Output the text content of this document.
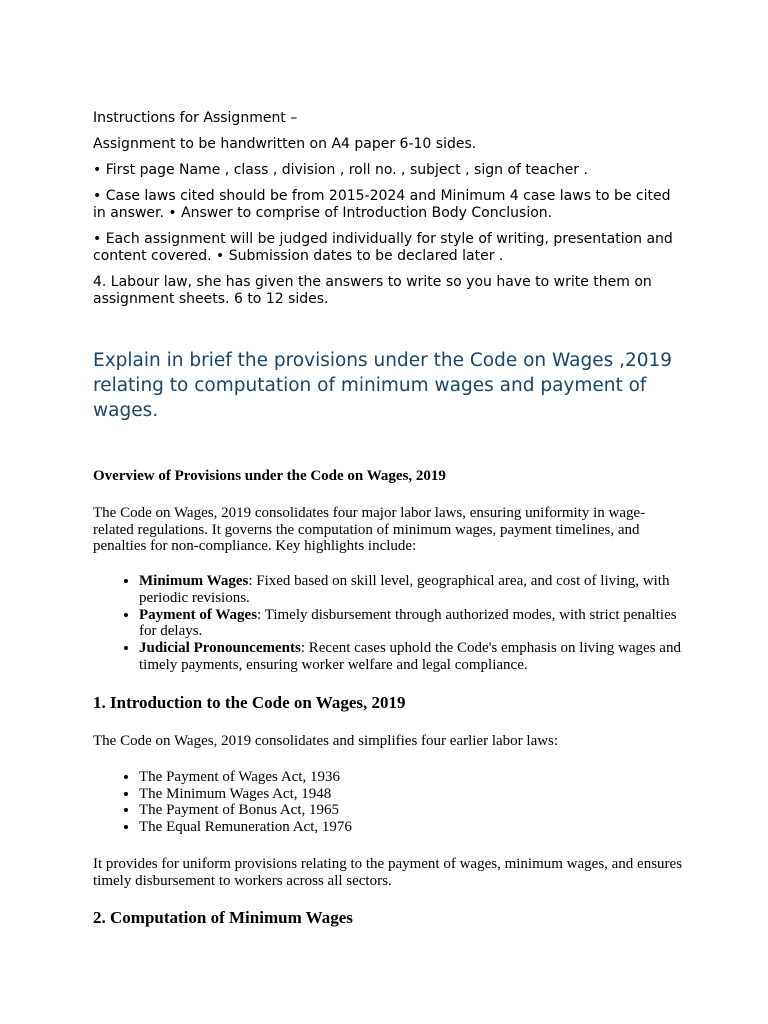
Instructions for Assignment –

Assignment to be handwritten on A4 paper 6-10 sides.

• First page Name , class , division , roll no. , subject , sign of teacher .

• Case laws cited should be from 2015-2024 and Minimum 4 case laws to be cited in answer. • Answer to comprise of Introduction Body Conclusion.

• Each assignment will be judged individually for style of writing, presentation and content covered. • Submission dates to be declared later .

4. Labour law, she has given the answers to write so you have to write them on assignment sheets. 6 to 12 sides.

Explain in brief the provisions under the Code on Wages ,2019 relating to computation of minimum wages and payment of wages.
Overview of Provisions under the Code on Wages, 2019
The Code on Wages, 2019 consolidates four major labor laws, ensuring uniformity in wage-related regulations. It governs the computation of minimum wages, payment timelines, and penalties for non-compliance. Key highlights include:
• Minimum Wages: Fixed based on skill level, geographical area, and cost of living, with periodic revisions.
• Payment of Wages: Timely disbursement through authorized modes, with strict penalties for delays.
• Judicial Pronouncements: Recent cases uphold the Code's emphasis on living wages and timely payments, ensuring worker welfare and legal compliance.
1. Introduction to the Code on Wages, 2019
The Code on Wages, 2019 consolidates and simplifies four earlier labor laws:
• The Payment of Wages Act, 1936
• The Minimum Wages Act, 1948
• The Payment of Bonus Act, 1965
• The Equal Remuneration Act, 1976
It provides for uniform provisions relating to the payment of wages, minimum wages, and ensures timely disbursement to workers across all sectors.
2. Computation of Minimum Wages
